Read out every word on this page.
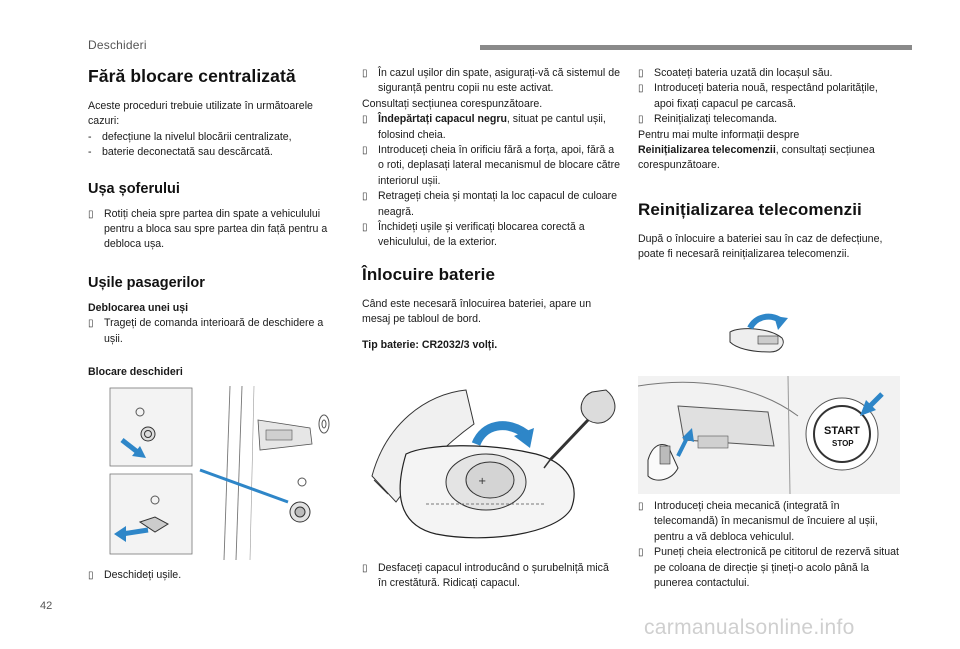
Deschideri
Fără blocare centralizată

Aceste proceduri trebuie utilizate în următoarele cazuri:

- defecțiune la nivelul blocării centralizate,
- baterie deconectată sau descărcată.
Ușa șoferului
▯ Rotiți cheia spre partea din spate a vehiculului pentru a bloca sau spre partea din față pentru a debloca ușa.
Ușile pasagerilor
Deblocarea unei uși
▯ Trageți de comanda interioară de deschidere a ușii.
Blocare deschideri
▯ Deschideți ușile.
▯ În cazul ușilor din spate, asigurați-vă că sistemul de siguranță pentru copii nu este activat.

Consultați secțiunea corespunzătoare.

▯ Îndepărtați capacul negru, situat pe cantul ușii, folosind cheia.
▯ Introduceți cheia în orificiu fără a forța, apoi, fără a o roti, deplasați lateral mecanismul de blocare către interiorul ușii.
▯ Retrageți cheia și montați la loc capacul de culoare neagră.
▯ Închideți ușile și verificați blocarea corectă a vehiculului, de la exterior.
Înlocuire baterie

Când este necesară înlocuirea bateriei, apare un mesaj pe tabloul de bord.

Tip baterie: CR2032/3 volți.
+
▯ Desfaceți capacul introducând o șurubelniță mică în crestătură. Ridicați capacul.
▯ Scoateți bateria uzată din locașul său.
▯ Introduceți bateria nouă, respectând polaritățile, apoi fixați capacul pe carcasă.
▯ Reinițializați telecomanda.

Pentru mai multe informații despre
Reinițializarea telecomenzii, consultați secțiunea corespunzătoare.

Reinițializarea telecomenzii

După o înlocuire a bateriei sau în caz de defecțiune, poate fi necesară reinițializarea telecomenzii.

START
STOP
▯ Introduceți cheia mecanică (integrată în telecomandă) în mecanismul de încuiere al ușii, pentru a vă debloca vehiculul.
▯ Puneți cheia electronică pe cititorul de rezervă situat pe coloana de direcție și țineți-o acolo până la punerea contactului.
42
carmanualsonline.info
